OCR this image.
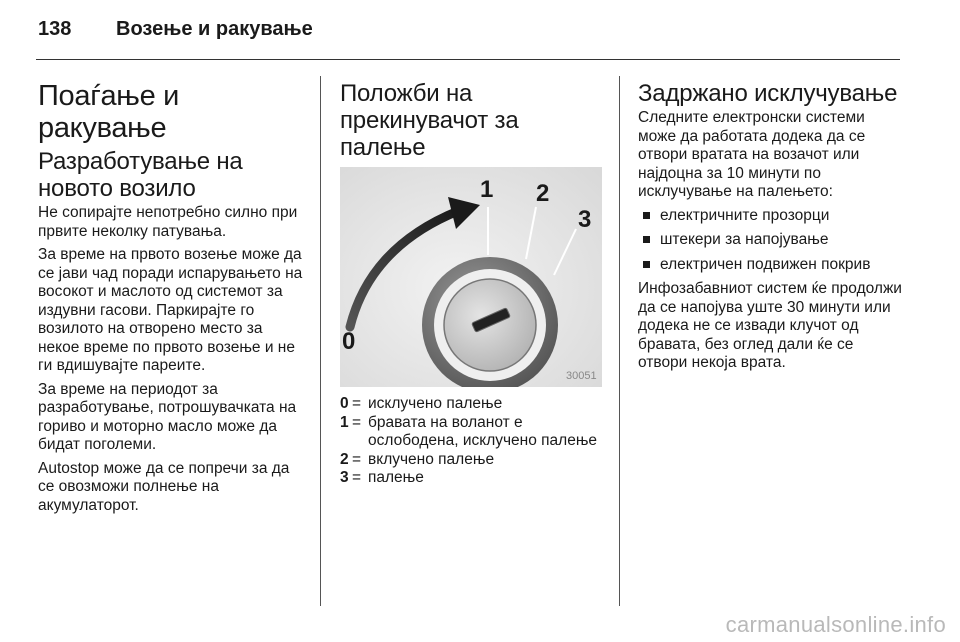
138 Возење и ракување
Поаѓање и ракување
Разработување на новото возило

Не сопирајте непотребно силно при првите неколку патувања.

За време на првото возење може да се јави чад поради испарувањето на восокот и маслото од системот за издувни гасови. Паркирајте го возилото на отворено место за некое време по првото возење и не ги вдишувајте пареите.

За време на периодот за разработување, потрошувачката на гориво и моторно масло може да бидат поголеми.

Autostop може да се попречи за да се овозможи полнење на акумулаторот.

Положби на прекинувачот за палење
1 2
3
0
30051
0 = исклучено палење
1 = бравата на воланот е ослободена, исклучено палење
2 = вклучено палење
3 = палење
Задржано исклучување

Следните електронски системи може да работата додека да се отвори вратата на возачот или најдоцна за 10 минути по исклучување на палењето:

електричните прозорци
штекери за напојување
електричен подвижен покрив

Инфозабавниот систем ќе продолжи да се напојува уште 30 минути или додека не се извади клучот од бравата, без оглед дали ќе се отвори некоја врата.

carmanualsonline.info
